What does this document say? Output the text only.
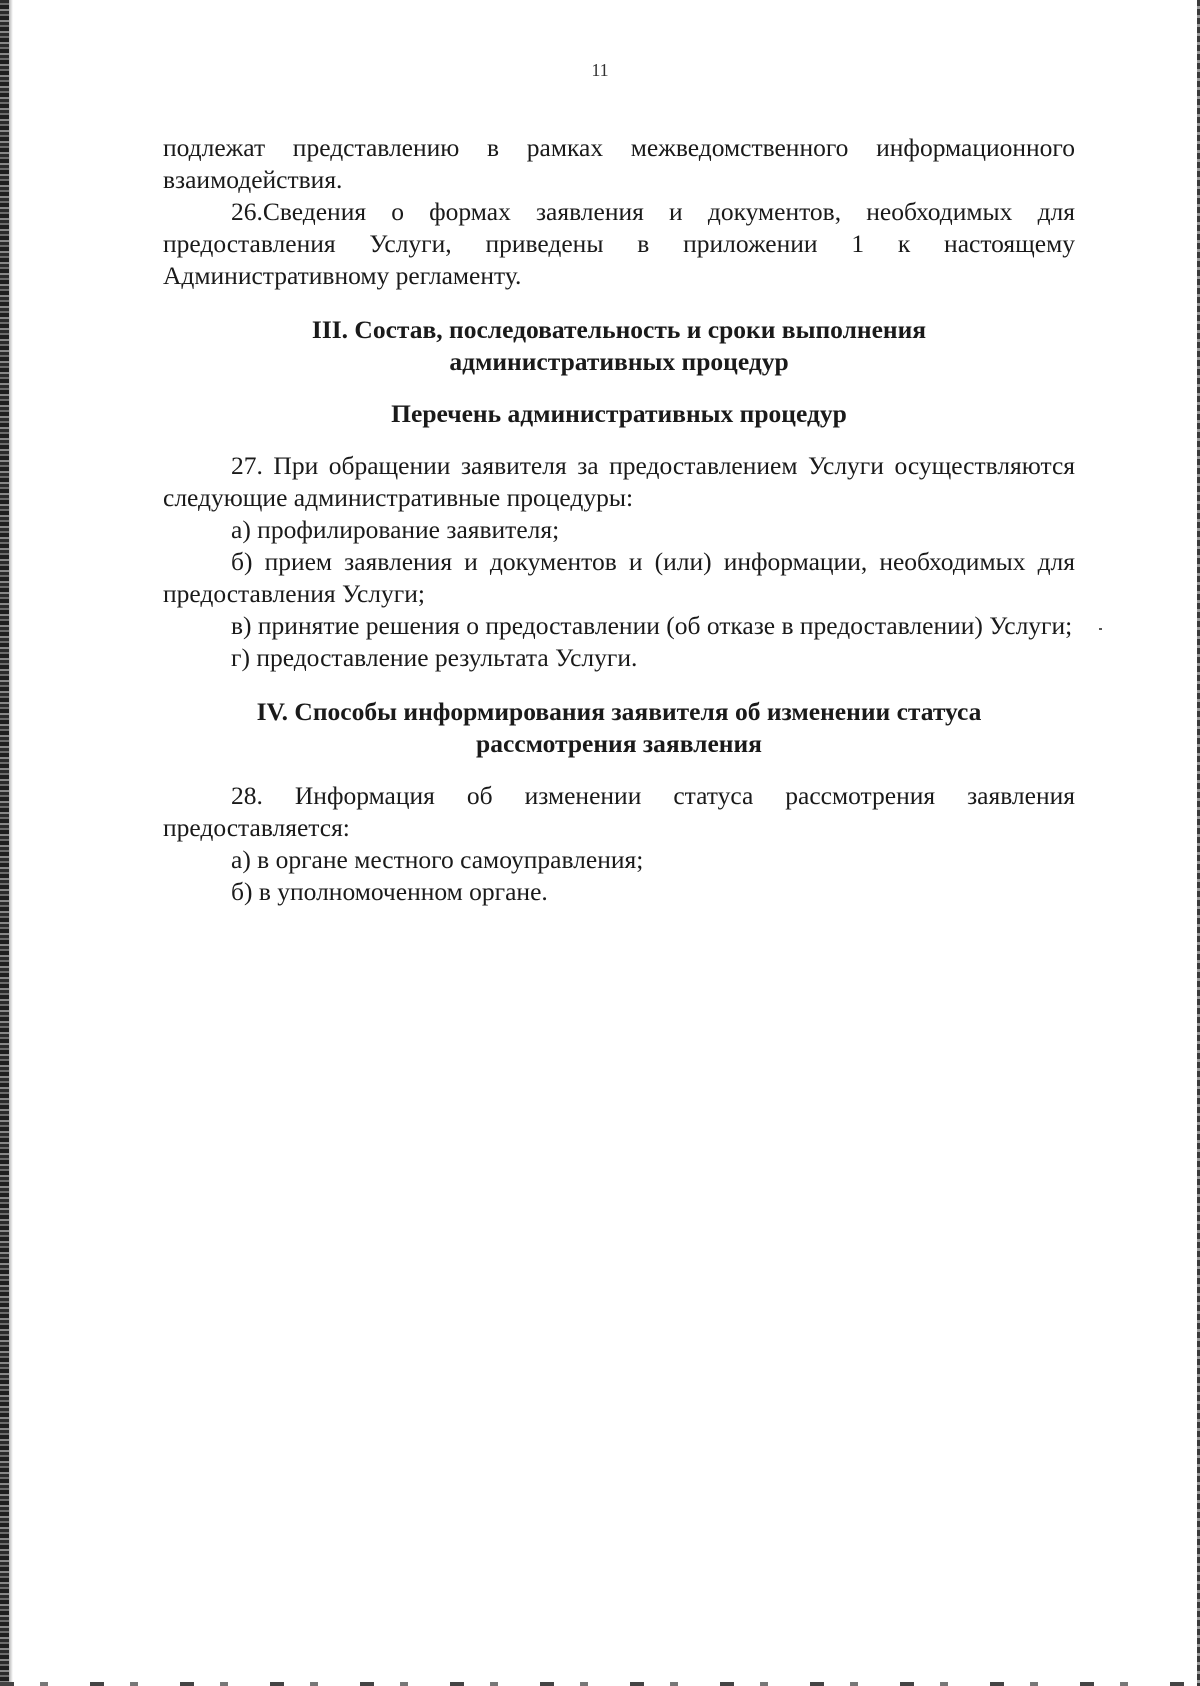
11

подлежат представлению в рамках межведомственного информационного взаимодействия.

26.Сведения о формах заявления и документов, необходимых для предоставления Услуги, приведены в приложении 1 к настоящему Административному регламенту.

III. Состав, последовательность и сроки выполнения

административных процедур

Перечень административных процедур

27. При обращении заявителя за предоставлением Услуги осуществляются следующие административные процедуры:

а) профилирование заявителя;

б) прием заявления и документов и (или) информации, необходимых для предоставления Услуги;

в) принятие решения о предоставлении (об отказе в предоставлении) Услуги;

г) предоставление результата Услуги.

IV. Способы информирования заявителя об изменении статуса

рассмотрения заявления

28. Информация об изменении статуса рассмотрения заявления предоставляется:

а) в органе местного самоуправления;

б) в уполномоченном органе.
